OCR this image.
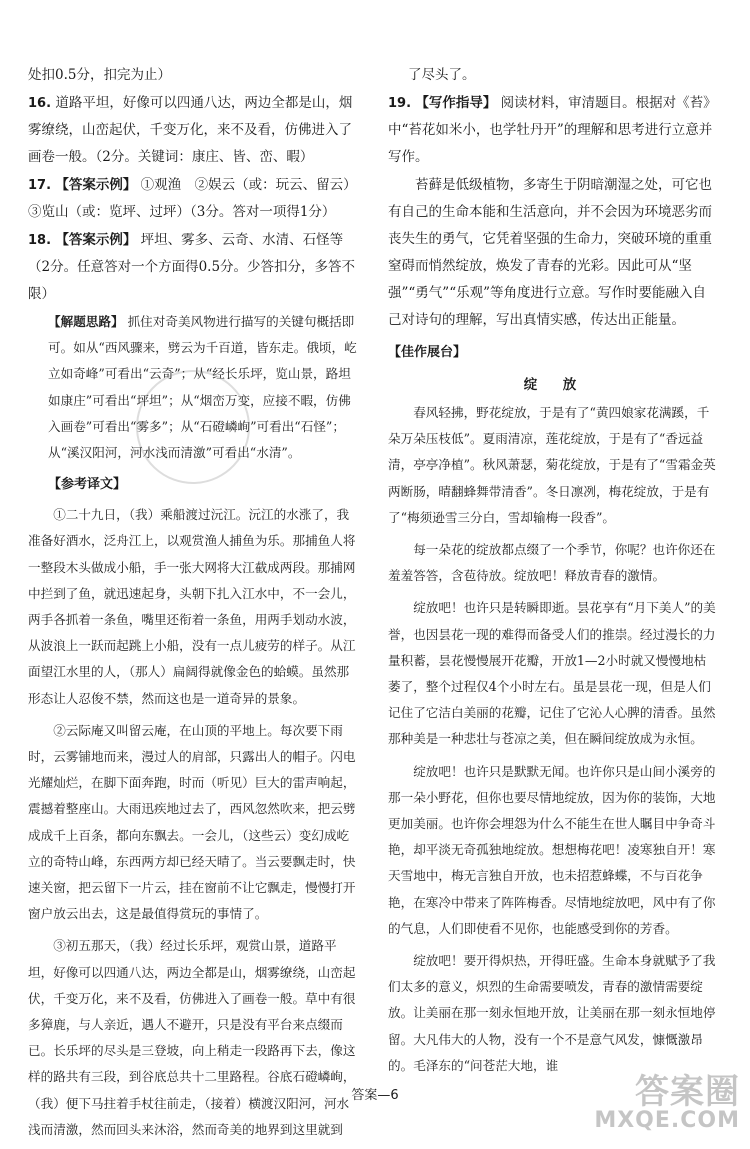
处扣0.5分，扣完为止）

16. 道路平坦，好像可以四通八达，两边全都是山，烟雾缭绕，山峦起伏，千变万化，来不及看，仿佛进入了画卷一般。（2分。关键词：康庄、皆、峦、暇）

17. 【答案示例】 ①观渔　②娱云（或：玩云、留云）　③览山（或：览坪、过坪）（3分。答对一项得1分）

18. 【答案示例】 坪坦、雾多、云奇、水清、石怪等（2分。任意答对一个方面得0.5分。少答扣分，多答不限）

【解题思路】 抓住对奇美风物进行描写的关键句概括即可。如从“西风骤来，劈云为千百道，皆东走。俄顷，屹立如奇峰”可看出“云奇”；从“经长乐坪，览山景，路坦如康庄”可看出“坪坦”；从“烟峦万变，应接不暇，仿佛入画卷”可看出“雾多”；从“石磴嶙峋”可看出“石怪”；从“溪汉阳河，河水浅而清激”可看出“水清”。

【参考译文】

①二十九日，（我）乘船渡过沅江。沅江的水涨了，我准备好酒水，泛舟江上，以观赏渔人捕鱼为乐。那捕鱼人将一整段木头做成小船，手一张大网将大江截成两段。那捕网中拦到了鱼，就迅速起身，头朝下扎入江水中，不一会儿，两手各抓着一条鱼，嘴里还衔着一条鱼，用两手划动水波，从波浪上一跃而起跳上小船，没有一点儿疲劳的样子。从江面望江水里的人，（那人）扁阔得就像金色的蛤蟆。虽然那形态让人忍俊不禁，然而这也是一道奇异的景象。

②云际庵又叫留云庵，在山顶的平地上。每次要下雨时，云雾铺地而来，漫过人的肩部，只露出人的帽子。闪电光耀灿烂，在脚下面奔跑，时而（听见）巨大的雷声响起，震撼着整座山。大雨迅疾地过去了，西风忽然吹来，把云劈成成千上百条，都向东飘去。一会儿，（这些云）变幻成屹立的奇特山峰，东西两方却已经天晴了。当云要飘走时，快速关窗，把云留下一片云，挂在窗前不让它飘走，慢慢打开窗户放云出去，这是最值得赏玩的事情了。

③初五那天，（我）经过长乐坪，观赏山景，道路平坦，好像可以四通八达，两边全都是山，烟雾缭绕，山峦起伏，千变万化，来不及看，仿佛进入了画卷一般。草中有很多獐鹿，与人亲近，遇人不避开，只是没有平台来点缀而已。长乐坪的尽头是三登坡，向上稍走一段路再下去，像这样的路共有三段，到谷底总共十二里路程。谷底石磴嶙峋，（我）便下马拄着手杖往前走，（接着）横渡汉阳河，河水浅而清激，然而回头来沐浴，然而奇美的地界到这里就到

了尽头了。

19. 【写作指导】 阅读材料，审清题目。根据对《苔》中“苔花如米小，也学牡丹开”的理解和思考进行立意并写作。

苔藓是低级植物，多寄生于阴暗潮湿之处，可它也有自己的生命本能和生活意向，并不会因为环境恶劣而丧失生的勇气，它凭着坚强的生命力，突破环境的重重窒碍而悄然绽放，焕发了青春的光彩。因此可从“坚强”“勇气”“乐观”等角度进行立意。写作时要能融入自己对诗句的理解，写出真情实感，传达出正能量。

【佳作展台】

绽　放

春风轻拂，野花绽放，于是有了“黄四娘家花满蹊，千朵万朵压枝低”。夏雨清凉，莲花绽放，于是有了“香远益清，亭亭净植”。秋风萧瑟，菊花绽放，于是有了“雪霜金英两断肠，晴翻蜂舞带清香”。冬日凛冽，梅花绽放，于是有了“梅须逊雪三分白，雪却输梅一段香”。

每一朵花的绽放都点缀了一个季节，你呢？也许你还在羞羞答答，含苞待放。绽放吧！释放青春的激情。

绽放吧！也许只是转瞬即逝。昙花享有“月下美人”的美誉，也因昙花一现的难得而备受人们的推崇。经过漫长的力量积蓄，昙花慢慢展开花瓣，开放1—2小时就又慢慢地枯萎了，整个过程仅4个小时左右。虽是昙花一现，但是人们记住了它洁白美丽的花瓣，记住了它沁人心脾的清香。虽然那种美是一种悲壮与苍凉之美，但在瞬间绽放成为永恒。

绽放吧！也许只是默默无闻。也许你只是山间小溪旁的那一朵小野花，但你也要尽情地绽放，因为你的装饰，大地更加美丽。也许你会埋怨为什么不能生在世人瞩目中争奇斗艳，却平淡无奇孤独地绽放。想想梅花吧！凌寒独自开！寒天雪地中，梅无言独自开放，也未招惹蜂蝶，不与百花争艳，在寒冷中带来了阵阵梅香。尽情地绽放吧，风中有了你的气息，人们即使看不见你，也能感受到你的芳香。

绽放吧！要开得炽热，开得旺盛。生命本身就赋予了我们太多的意义，炽烈的生命需要喷发，青春的激情需要绽放。让美丽在那一刻永恒地开放，让美丽在那一刻永恒地停留。大凡伟大的人物，没有一个不是意气风发，慷慨激昂的。毛泽东的“问苍茫大地，谁

答案—6	答案圈
MXQE.COM
